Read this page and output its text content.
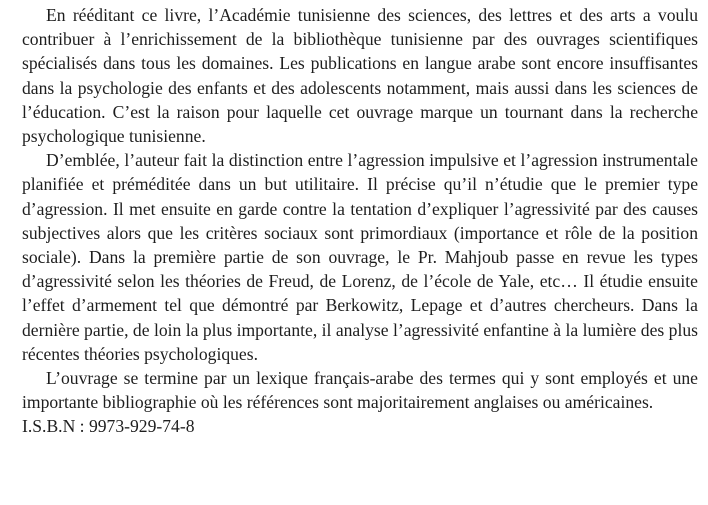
En rééditant ce livre, l’Académie tunisienne des sciences, des lettres et des arts a voulu contribuer à l’enrichissement de la bibliothèque tunisienne par des ouvrages scientifiques spécialisés dans tous les domaines. Les publications en langue arabe sont encore insuffisantes dans la psychologie des enfants et des adolescents notamment, mais aussi dans les sciences de l’éducation. C’est la raison pour laquelle cet ouvrage marque un tournant dans la recherche psychologique tunisienne.

D’emblée, l’auteur fait la distinction entre l’agression impulsive et l’agression instrumentale planifiée et préméditée dans un but utilitaire. Il précise qu’il n’étudie que le premier type d’agression. Il met ensuite en garde contre la tentation d’expliquer l’agressivité par des causes subjectives alors que les critères sociaux sont primordiaux (importance et rôle de la position sociale). Dans la première partie de son ouvrage, le Pr. Mahjoub passe en revue les types d’agressivité selon les théories de Freud, de Lorenz, de l’école de Yale, etc… Il étudie ensuite l’effet d’armement tel que démontré par Berkowitz, Lepage et d’autres chercheurs. Dans la dernière partie, de loin la plus importante, il analyse l’agressivité enfantine à la lumière des plus récentes théories psychologiques.

L’ouvrage se termine par un lexique français-arabe des termes qui y sont employés et une importante bibliographie où les références sont majoritairement anglaises ou américaines.

I.S.B.N : 9973-929-74-8
